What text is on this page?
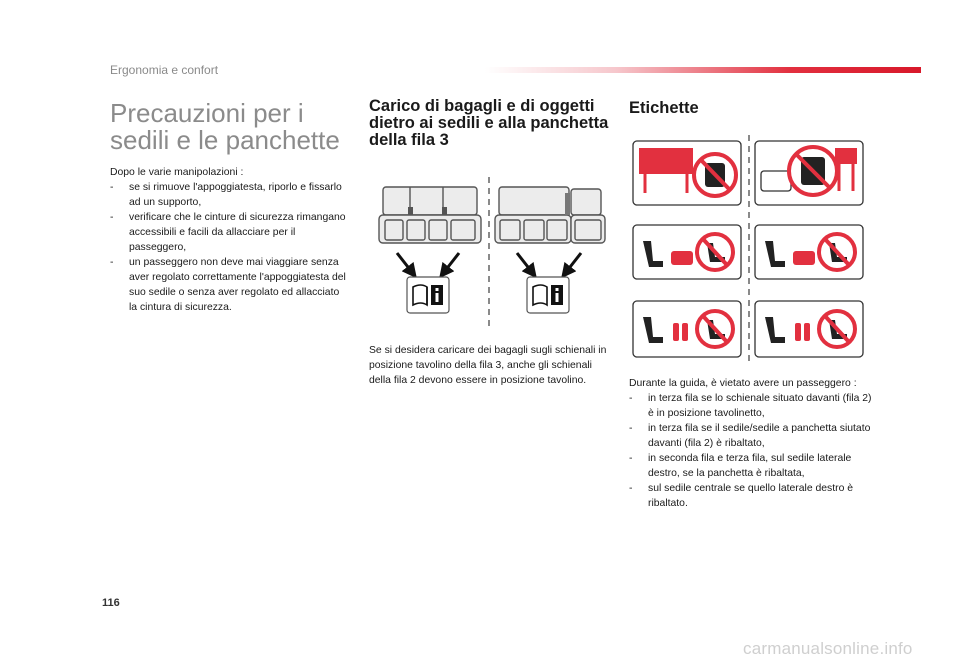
Ergonomia e confort
Precauzioni per i sedili e le panchette
Dopo le varie manipolazioni :
- se si rimuove l'appoggiatesta, riporlo e fissarlo ad un supporto,
- verificare che le cinture di sicurezza rimangano accessibili e facili da allacciare per il passeggero,
- un passeggero non deve mai viaggiare senza aver regolato correttamente l'appoggiatesta del suo sedile o senza aver regolato ed allacciato la cintura di sicurezza.
Carico di bagagli e di oggetti dietro ai sedili e alla panchetta della fila 3
Se si desidera caricare dei bagagli sugli schienali in posizione tavolino della fila 3, anche gli schienali della fila 2 devono essere in posizione tavolino.
Etichette
Durante la guida, è vietato avere un passeggero :
- in terza fila se lo schienale situato davanti (fila 2) è in posizione tavolinetto,
- in terza fila se il sedile/sedile a panchetta siutato davanti (fila 2) è ribaltato,
- in seconda fila e terza fila, sul sedile laterale destro, se la panchetta è ribaltata,
- sul sedile centrale se quello laterale destro è ribaltato.
116
carmanualsonline.info
